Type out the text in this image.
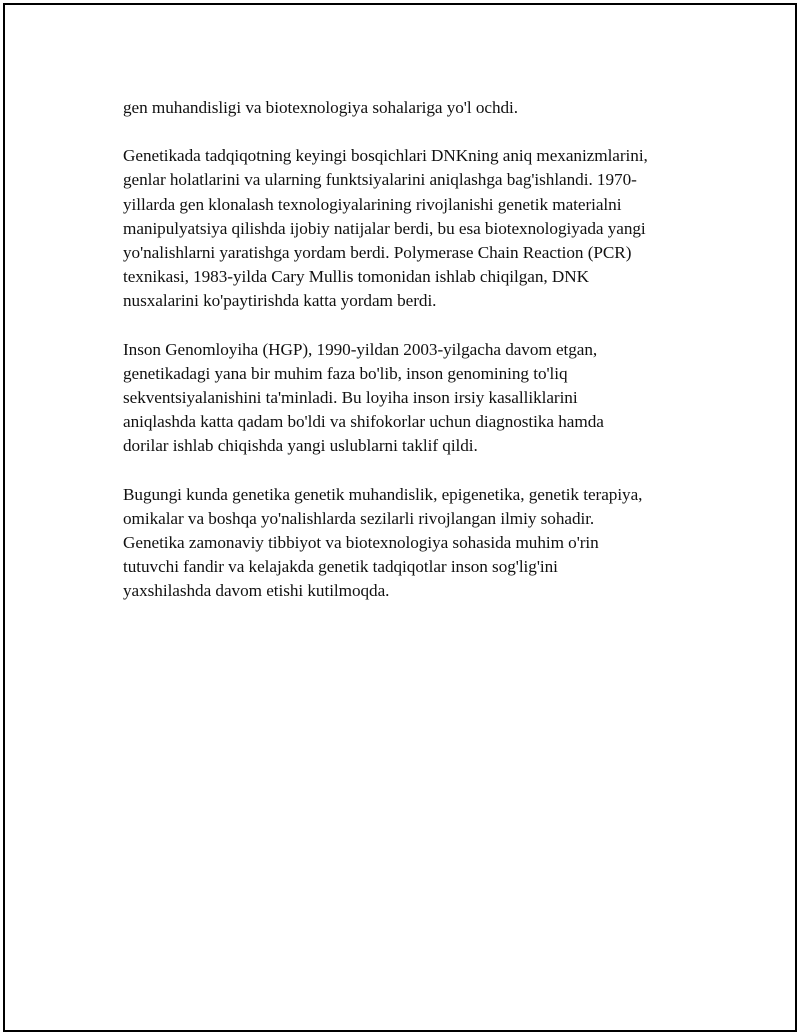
gen muhandisligi va biotexnologiya sohalariga yo'l ochdi.

Genetikada tadqiqotning keyingi bosqichlari DNKning aniq mexanizmlarini,
genlar holatlarini va ularning funktsiyalarini aniqlashga bag'ishlandi. 1970-
yillarda gen klonalash texnologiyalarining rivojlanishi genetik materialni
manipulyatsiya qilishda ijobiy natijalar berdi, bu esa biotexnologiyada yangi
yo'nalishlarni yaratishga yordam berdi. Polymerase Chain Reaction (PCR)
texnikasi, 1983-yilda Cary Mullis tomonidan ishlab chiqilgan, DNK
nusxalarini ko'paytirishda katta yordam berdi.

Inson Genomloyiha (HGP), 1990-yildan 2003-yilgacha davom etgan,
genetikadagi yana bir muhim faza bo'lib, inson genomining to'liq
sekventsiyalanishini ta'minladi. Bu loyiha inson irsiy kasalliklarini
aniqlashda katta qadam bo'ldi va shifokorlar uchun diagnostika hamda
dorilar ishlab chiqishda yangi uslublarni taklif qildi.

Bugungi kunda genetika genetik muhandislik, epigenetika, genetik terapiya,
omikalar va boshqa yo'nalishlarda sezilarli rivojlangan ilmiy sohadir.
Genetika zamonaviy tibbiyot va biotexnologiya sohasida muhim o'rin
tutuvchi fandir va kelajakda genetik tadqiqotlar inson sog'lig'ini
yaxshilashda davom etishi kutilmoqda.
